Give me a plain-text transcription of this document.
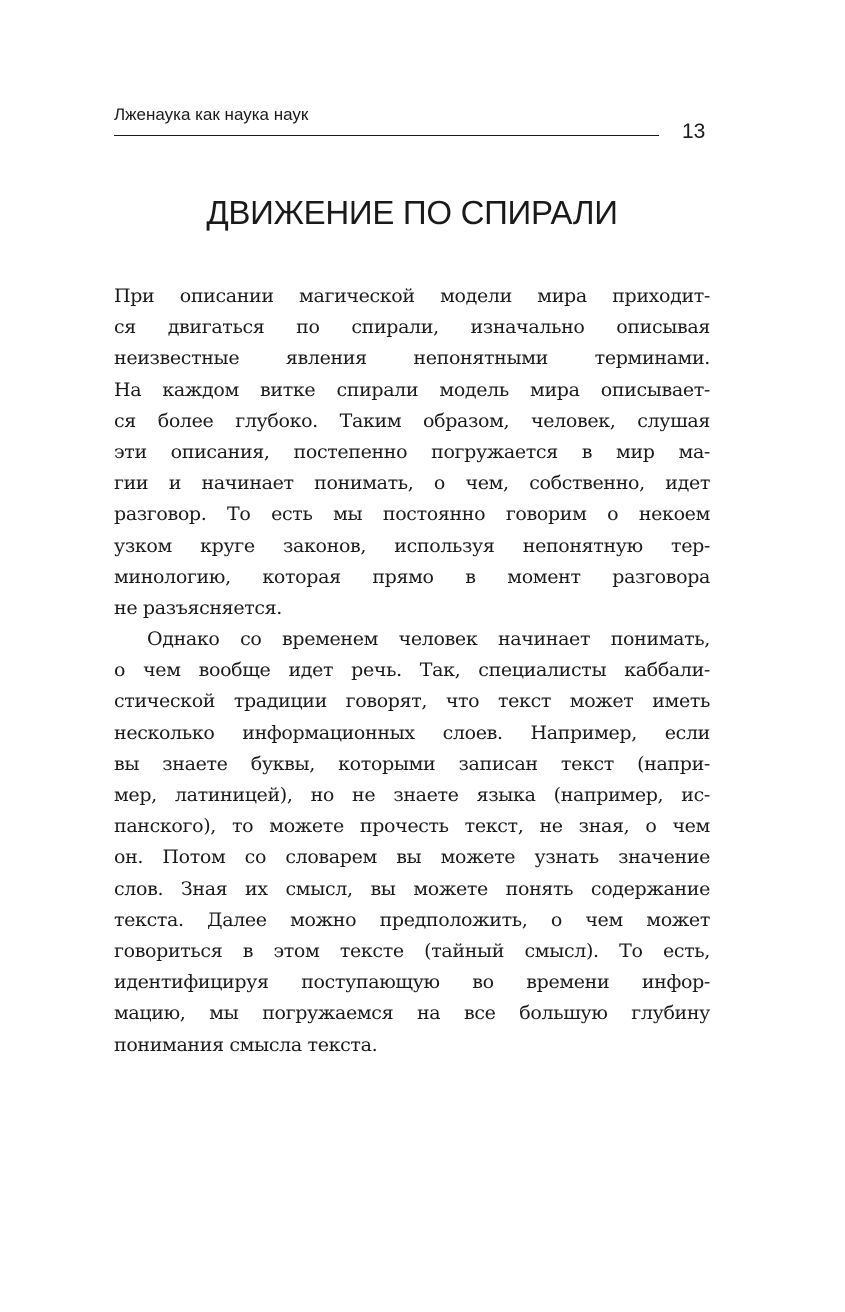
Лженаука как наука наук
13
ДВИЖЕНИЕ ПО СПИРАЛИ
При описании магической модели мира приходит-
ся двигаться по спирали, изначально описывая
неизвестные явления непонятными терминами.
На каждом витке спирали модель мира описывает-
ся более глубоко. Таким образом, человек, слушая
эти описания, постепенно погружается в мир ма-
гии и начинает понимать, о чем, собственно, идет
разговор. То есть мы постоянно говорим о некоем
узком круге законов, используя непонятную тер-
минологию, которая прямо в момент разговора
не разъясняется.
Однако со временем человек начинает понимать,
о чем вообще идет речь. Так, специалисты каббали-
стической традиции говорят, что текст может иметь
несколько информационных слоев. Например, если
вы знаете буквы, которыми записан текст (напри-
мер, латиницей), но не знаете языка (например, ис-
панского), то можете прочесть текст, не зная, о чем
он. Потом со словарем вы можете узнать значение
слов. Зная их смысл, вы можете понять содержание
текста. Далее можно предположить, о чем может
говориться в этом тексте (тайный смысл). То есть,
идентифицируя поступающую во времени инфор-
мацию, мы погружаемся на все большую глубину
понимания смысла текста.
